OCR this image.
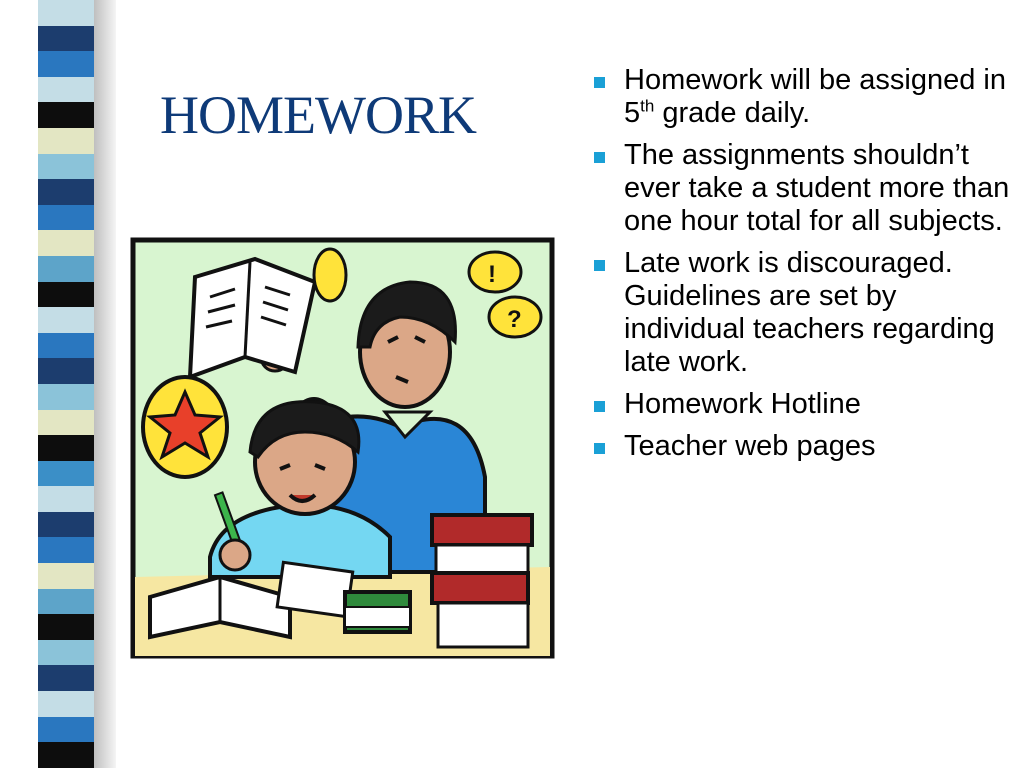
HOMEWORK
!
?
Homework will be assigned in 5th grade daily.
The assignments shouldn’t ever take a student more than one hour total for all subjects.
Late work is discouraged. Guidelines are set by individual teachers regarding late work.
Homework Hotline
Teacher web pages
